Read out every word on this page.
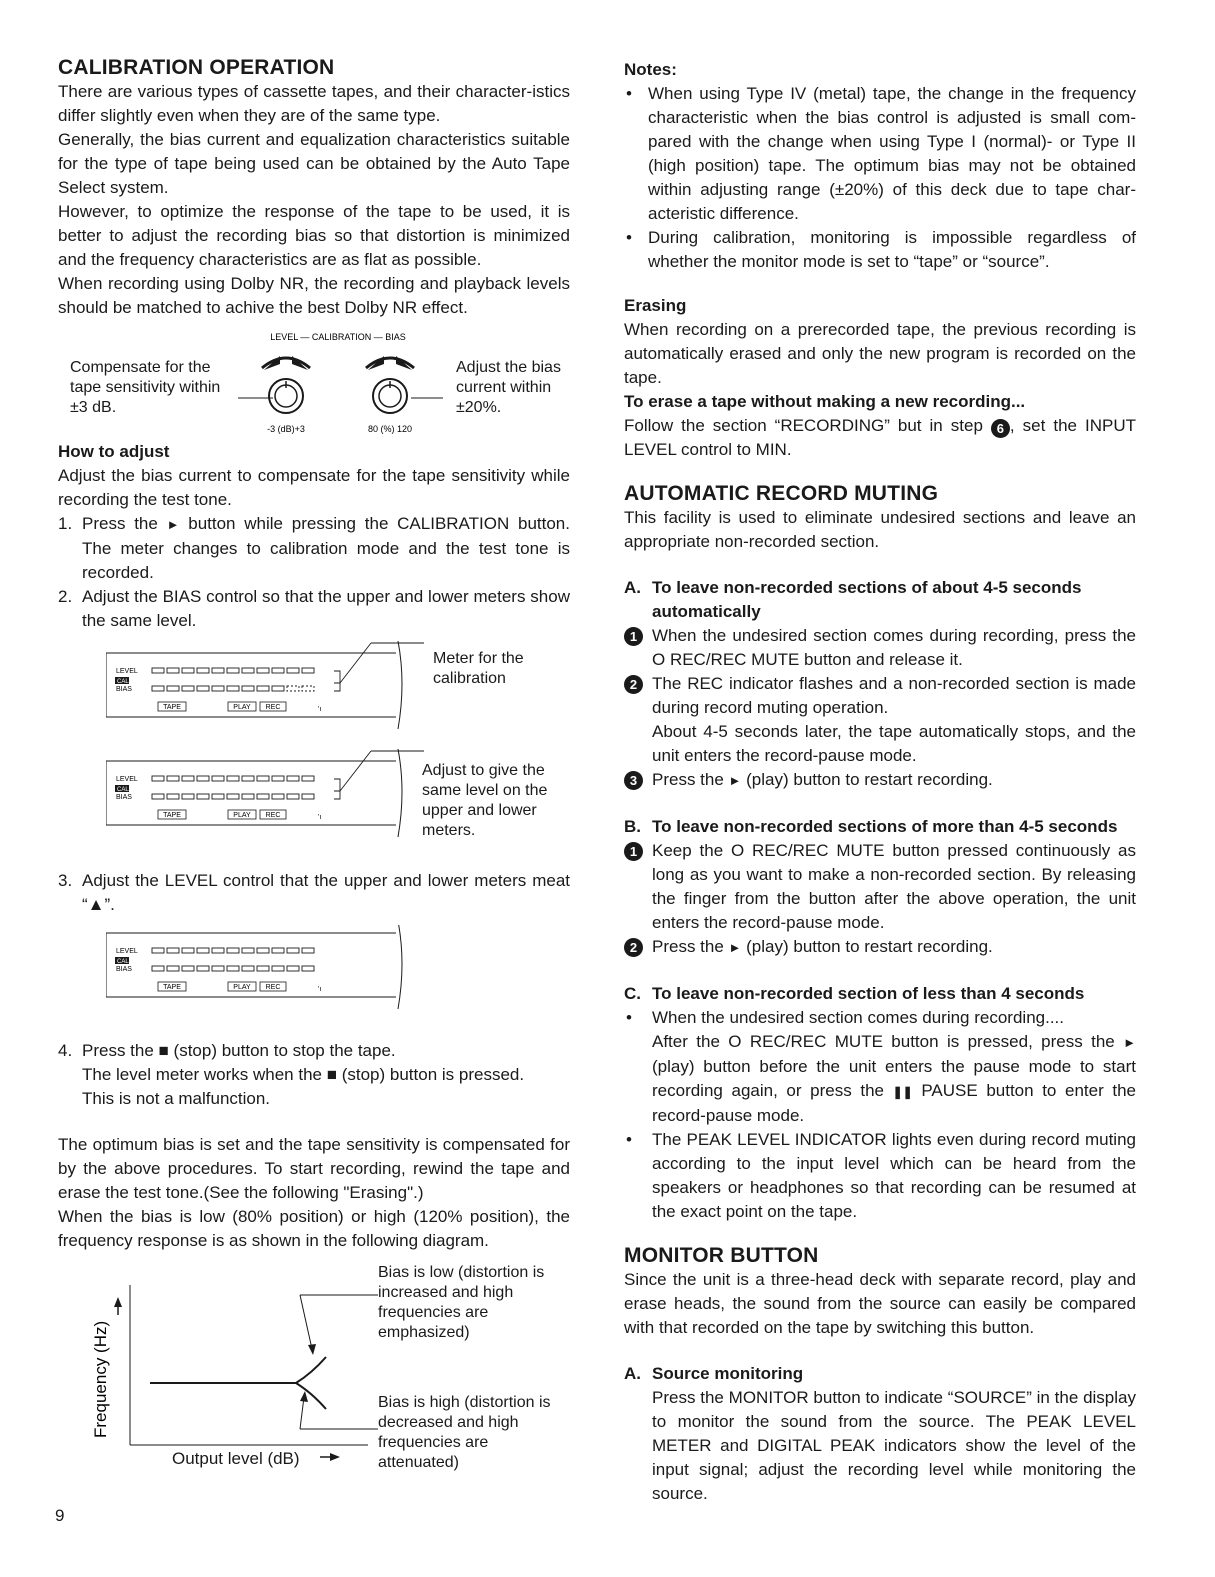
CALIBRATION OPERATION

There are various types of cassette tapes, and their character-istics differ slightly even when they are of the same type.

Generally, the bias current and equalization characteristics suitable for the type of tape being used can be obtained by the Auto Tape Select system.

However, to optimize the response of the tape to be used, it is better to adjust the recording bias so that distortion is minimized and the frequency characteristics are as flat as possible.

When recording using Dolby NR, the recording and playback levels should be matched to achive the best Dolby NR effect.

Compensate for the tape sensitivity within ±3 dB.
Adjust the bias current within ±20%.
LEVEL — CALIBRATION — BIAS
-3 (dB)+3	80 (%) 120
How to adjust

Adjust the bias current to compensate for the tape sensitivity while recording the test tone.

1. Press the ► button while pressing the CALIBRATION button. The meter changes to calibration mode and the test tone is recorded.
2. Adjust the BIAS control so that the upper and lower meters show the same level.
LEVEL
CAL
BIAS
TAPE	PLAY REC	'ı
Meter for the calibration
LEVEL
CAL
BIAS
TAPE	PLAY REC	'ı
Adjust to give the same level on the upper and lower meters.
3. Adjust the LEVEL control that the upper and lower meters meat “▲”.
LEVEL
CAL
BIAS
TAPE	PLAY REC	'ı
4. Press the ■ (stop) button to stop the tape.
The level meter works when the ■ (stop) button is pressed.
This is not a malfunction.

The optimum bias is set and the tape sensitivity is compensated for by the above procedures. To start recording, rewind the tape and erase the test tone.(See the following "Erasing".)

When the bias is low (80% position) or high (120% position), the frequency response is as shown in the following diagram.

Frequency (Hz)
Output level (dB)
Bias is low (distortion is increased and high frequencies are emphasized)
Bias is high (distortion is decreased and high frequencies are attenuated)
9
Notes:
• When using Type IV (metal) tape, the change in the frequency characteristic when the bias control is adjusted is small com-pared with the change when using Type I (normal)- or Type II (high position) tape. The optimum bias may not be obtained within adjusting range (±20%) of this deck due to tape char-acteristic difference.
• During calibration, monitoring is impossible regardless of whether the monitor mode is set to “tape” or “source”.
Erasing

When recording on a prerecorded tape, the previous recording is automatically erased and only the new program is recorded on the tape.

To erase a tape without making a new recording...

Follow the section “RECORDING” but in step 6 , set the INPUT LEVEL control to MIN.

AUTOMATIC RECORD MUTING

This facility is used to eliminate undesired sections and leave an appropriate non-recorded section.

A. To leave non-recorded sections of about 4-5 seconds automatically
1 When the undesired section comes during recording, press the O REC/REC MUTE button and release it.
2 The REC indicator flashes and a non-recorded section is made during record muting operation.
About 4-5 seconds later, the tape automatically stops, and the unit enters the record-pause mode.
3 Press the ► (play) button to restart recording.
B. To leave non-recorded sections of more than 4-5 seconds
1 Keep the O REC/REC MUTE button pressed continuously as long as you want to make a non-recorded section. By releasing the finger from the button after the above operation, the unit enters the record-pause mode.
2 Press the ► (play) button to restart recording.
C. To leave non-recorded section of less than 4 seconds
• When the undesired section comes during recording....
After the O REC/REC MUTE button is pressed, press the ► (play) button before the unit enters the pause mode to start recording again, or press the ❚❚ PAUSE button to enter the record-pause mode.
• The PEAK LEVEL INDICATOR lights even during record muting according to the input level which can be heard from the speakers or headphones so that recording can be resumed at the exact point on the tape.
MONITOR BUTTON

Since the unit is a three-head deck with separate record, play and erase heads, the sound from the source can easily be compared with that recorded on the tape by switching this button.

A. Source monitoring

Press the MONITOR button to indicate “SOURCE” in the display to monitor the sound from the source. The PEAK LEVEL METER and DIGITAL PEAK indicators show the level of the input signal; adjust the recording level while monitoring the source.
